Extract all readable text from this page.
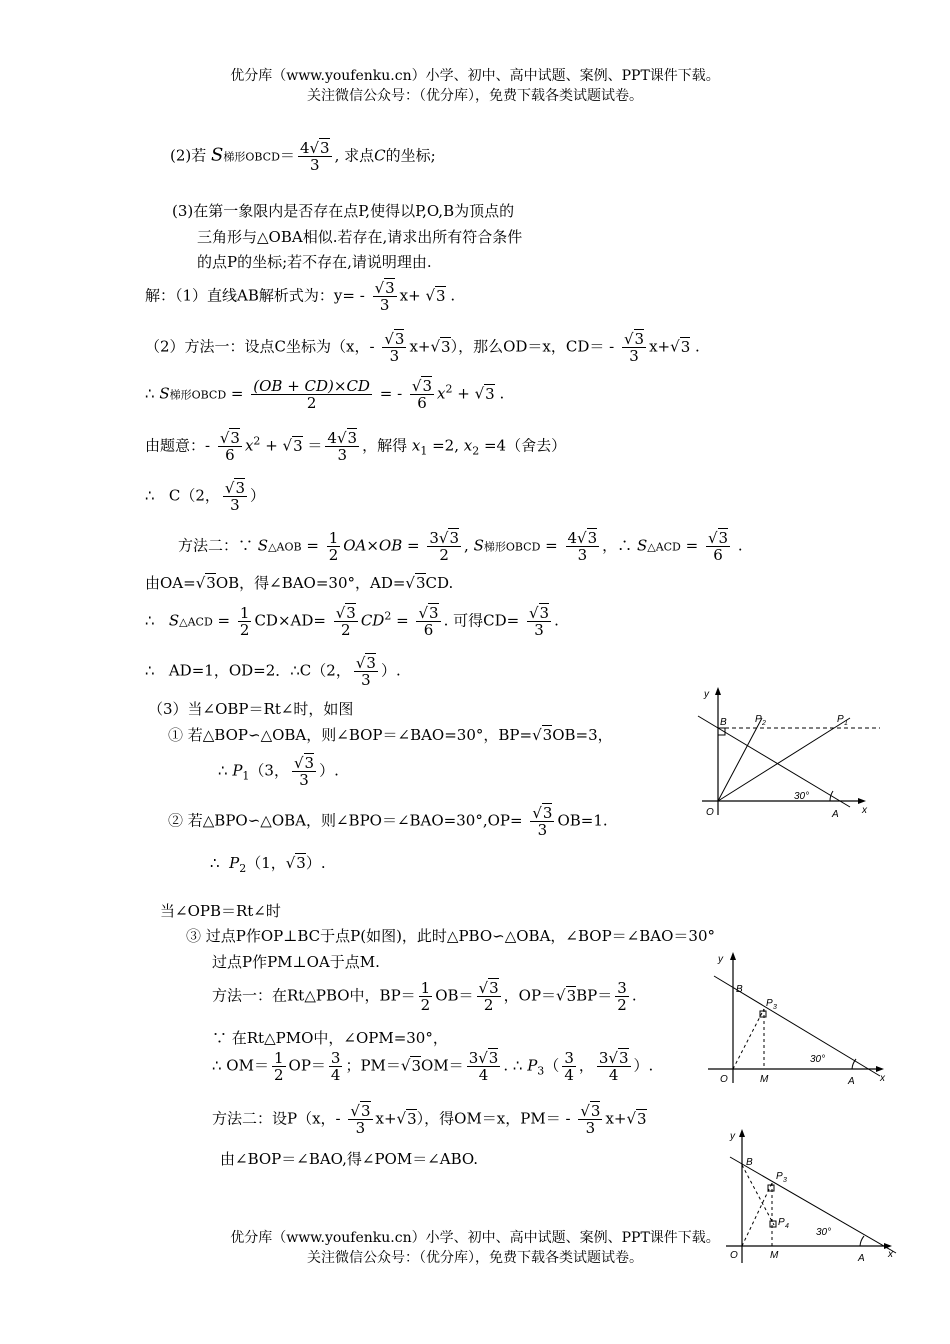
优分库（www.youfenku.cn）小学、初中、高中试题、案例、PPT课件下载。
关注微信公众号：（优分库），免费下载各类试题试卷。
(2)若 S梯形OBCD＝ $\frac{4√3}{3}$ , 求点C的坐标;
(3)在第一象限内是否存在点P,使得以P,O,B为顶点的
三角形与△OBA相似.若存在,请求出所有符合条件
的点P的坐标;若不存在,请说明理由.
解：（1）直线AB解析式为：$y= - \frac{√3}{3} x+ √3$ .
（2）方法一：设点C坐标为（x，- $\frac{√3}{3} x+√3$），那么OD＝x，$CD= - \frac{√3}{3} x+√3$ .
∴ S梯形OBCD = $\frac{(OB + CD)\times CD}{2}$ = - $\frac{√3}{6} x^2 + √3$ .
由题意：- $\frac{√3}{6} x^2 + √3 = \frac{4√3}{3}$ ，解得 $x_1 =2$, $x_2 =4$（舍去）
∴   C（2， $\frac{√3}{3}$ ）
方法二：∵ S△AOB = $\frac{1}{2} OA\times OB = \frac{3√3}{2}$ , S梯形OBCD = $\frac{4√3}{3}$ ，∴ S△ACD = $\frac{√3}{6}$ .
由OA=√3OB，得∠BAO=30°，AD=√3CD.
∴   S△ACD = $\frac{1}{2} CD\times AD= \frac{√3}{2} CD^2 = \frac{√3}{6}$ . 可得$CD= \frac{√3}{3}$ .
∴   AD=1，OD=2．∴C（2， $\frac{√3}{3}$ ）.
（3）当∠OBP＝Rt∠时，如图
① 若△BOP∽△OBA，则∠BOP＝∠BAO=30°，BP=√3OB=3，
∴ $P_1(3$， $\frac{√3}{3}$ ）.
② 若△BPO∽△OBA，则∠BPO＝∠BAO=30°,OP= $\frac{√3}{3} OB=1$.
∴  $P_2(1$，√3）.
当∠OPB＝Rt∠时
③ 过点P作OP⊥BC于点P(如图)，此时△PBO∽△OBA，∠BOP＝∠BAO＝30°
过点P作PM⊥OA于点M.
方法一：在Rt△PBO中，$BP= \frac{1}{2} OB= \frac{√3}{2}$ ，$OP=√3BP= \frac{3}{2}$ .
∵ 在Rt△PMO中，∠OPM=30°，
∴ $OM= \frac{1}{2} OP= \frac{3}{4}$ ；$PM=√3OM= \frac{3√3}{4}$ . ∴ $P_3( \frac{3}{4}$ ， $\frac{3√3}{4}$ ）.
方法二：设P（x，- $\frac{√3}{3} x+√3$），得OM＝x，$PM= - \frac{√3}{3} x+√3$
由∠BOP＝∠BAO,得∠POM＝∠ABO.
y
x
O
B
A
P 2	P 1
30°
y
x
O
B
A
M
P 3
30°
y
x
O
B
A
M
P 3
P 4
30°
优分库（www.youfenku.cn）小学、初中、高中试题、案例、PPT课件下载。
关注微信公众号：（优分库），免费下载各类试题试卷。
